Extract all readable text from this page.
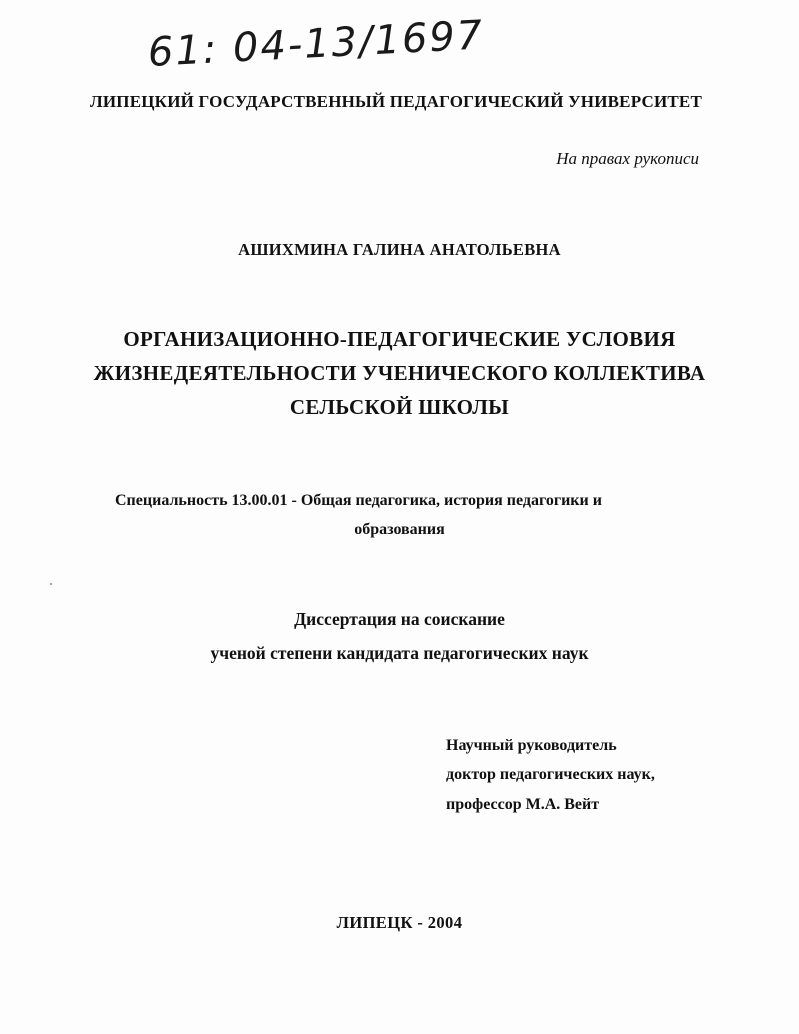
61: 04-13/1697
ЛИПЕЦКИЙ ГОСУДАРСТВЕННЫЙ ПЕДАГОГИЧЕСКИЙ УНИВЕРСИТЕТ
На правах рукописи
АШИХМИНА ГАЛИНА АНАТОЛЬЕВНА
ОРГАНИЗАЦИОННО-ПЕДАГОГИЧЕСКИЕ УСЛОВИЯ
ЖИЗНЕДЕЯТЕЛЬНОСТИ УЧЕНИЧЕСКОГО КОЛЛЕКТИВА
СЕЛЬСКОЙ ШКОЛЫ
Специальность 13.00.01 - Общая педагогика, история педагогики и
образования
Диссертация на соискание
ученой степени кандидата педагогических наук
Научный руководитель
доктор педагогических наук,
профессор М.А. Вейт
ЛИПЕЦК - 2004
